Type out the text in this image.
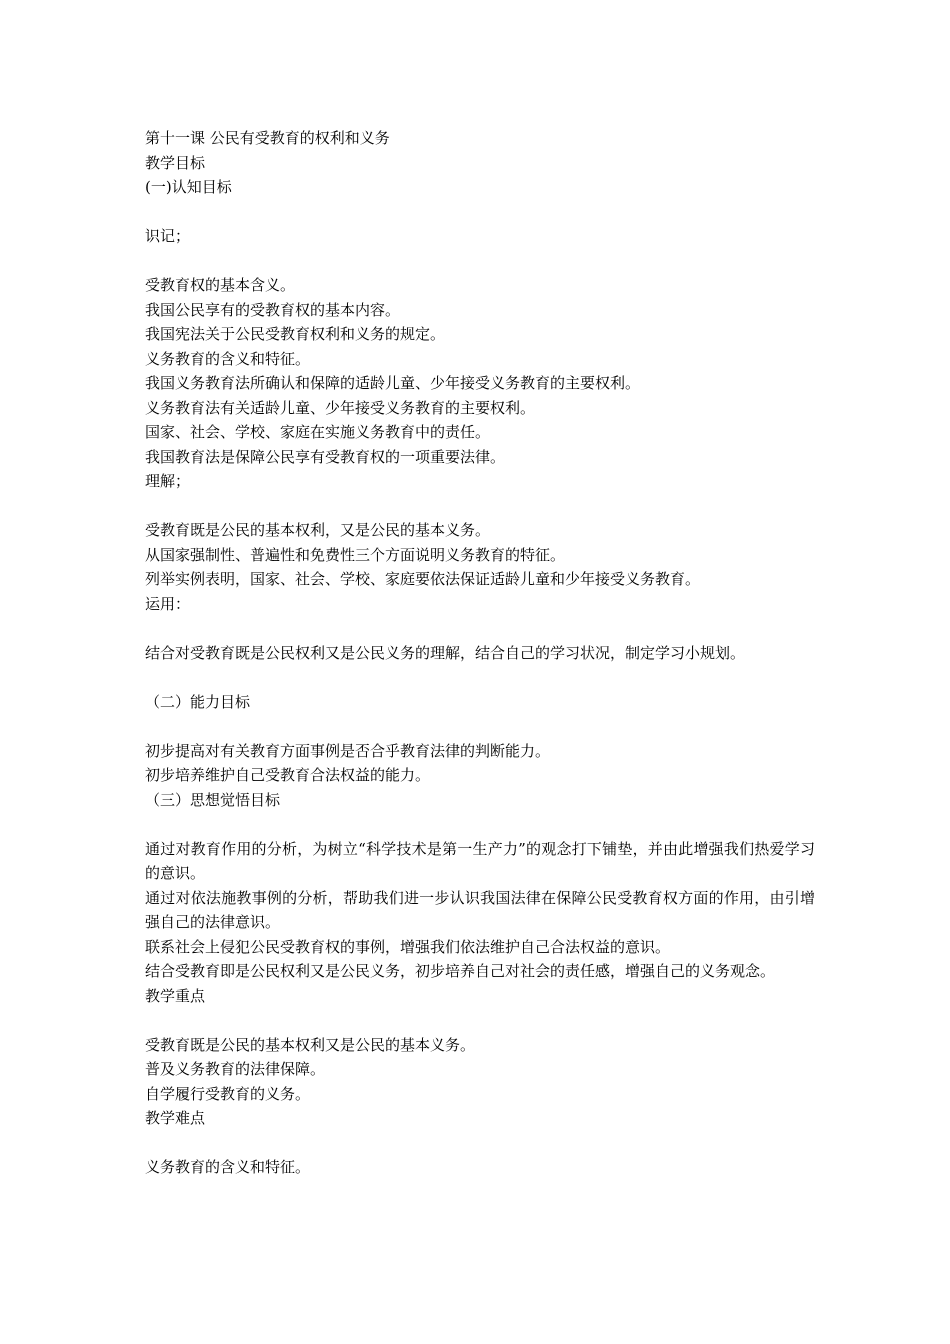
第十一课 公民有受教育的权利和义务
教学目标
(一)认知目标
识记；
受教育权的基本含义。
我国公民享有的受教育权的基本内容。
我国宪法关于公民受教育权利和义务的规定。
义务教育的含义和特征。
我国义务教育法所确认和保障的适龄儿童、少年接受义务教育的主要权利。
义务教育法有关适龄儿童、少年接受义务教育的主要权利。
国家、社会、学校、家庭在实施义务教育中的责任。
我国教育法是保障公民享有受教育权的一项重要法律。
理解；
受教育既是公民的基本权利，又是公民的基本义务。
从国家强制性、普遍性和免费性三个方面说明义务教育的特征。
列举实例表明，国家、社会、学校、家庭要依法保证适龄儿童和少年接受义务教育。
运用：
结合对受教育既是公民权利又是公民义务的理解，结合自己的学习状况，制定学习小规划。
（二）能力目标
初步提高对有关教育方面事例是否合乎教育法律的判断能力。
初步培养维护自己受教育合法权益的能力。
（三）思想觉悟目标
通过对教育作用的分析，为树立“科学技术是第一生产力”的观念打下铺垫，并由此增强我们热爱学习的意识。
通过对依法施教事例的分析，帮助我们进一步认识我国法律在保障公民受教育权方面的作用，由引增强自己的法律意识。
联系社会上侵犯公民受教育权的事例，增强我们依法维护自己合法权益的意识。
结合受教育即是公民权利又是公民义务，初步培养自己对社会的责任感，增强自己的义务观念。
教学重点
受教育既是公民的基本权利又是公民的基本义务。
普及义务教育的法律保障。
自学履行受教育的义务。
教学难点
义务教育的含义和特征。
